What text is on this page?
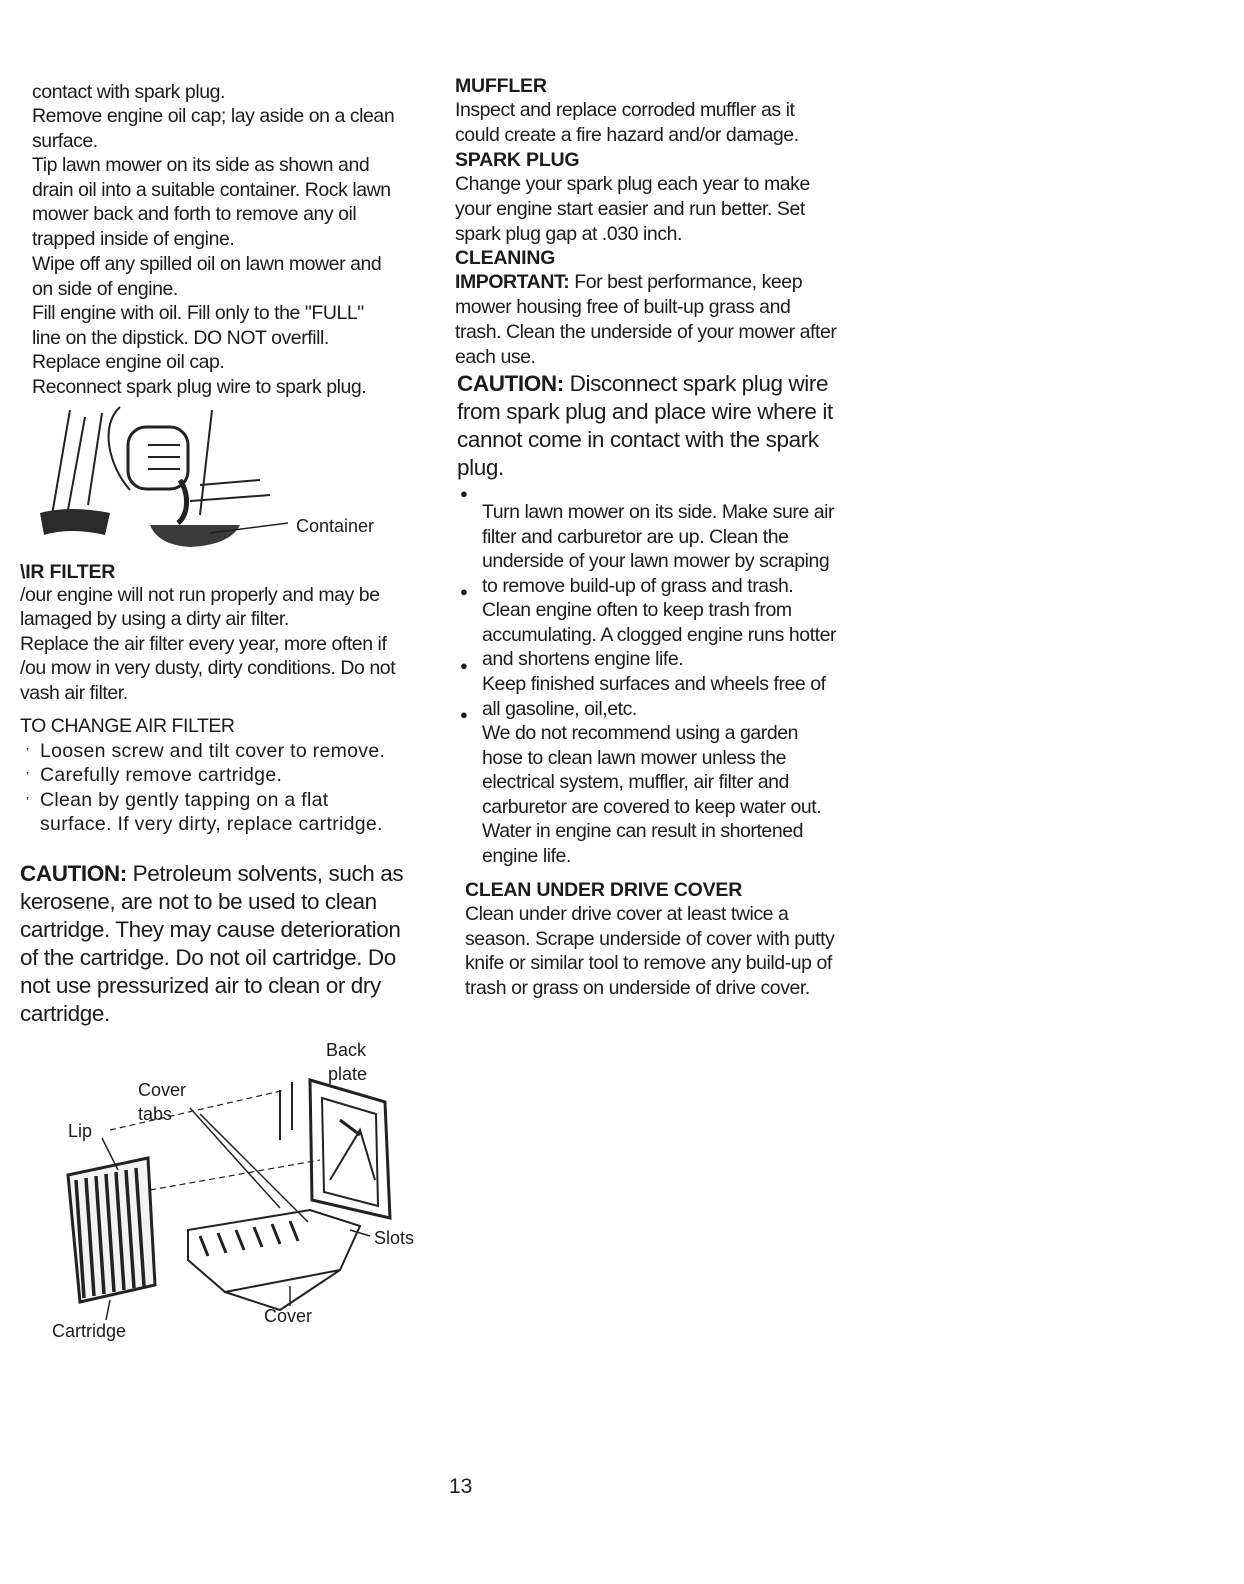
contact with spark plug.

Remove engine oil cap; lay aside on a clean

surface.

Tip lawn mower on its side as shown and

drain oil into a suitable container. Rock lawn

mower back and forth to remove any oil

trapped inside of engine.

Wipe off any spilled oil on lawn mower and

on side of engine.

Fill engine with oil. Fill only to the "FULL"

line on the dipstick. DO NOT overfill.

Replace engine oil cap.

Reconnect spark plug wire to spark plug.

Container
\IR FILTER

/our engine will not run properly and may be

lamaged by using a dirty air filter.

Replace the air filter every year, more often if

/ou mow in very dusty, dirty conditions. Do not

vash air filter.

TO CHANGE AIR FILTER
’ Loosen screw and tilt cover to remove.

’ Carefully remove cartridge.

’ Clean by gently tapping on a flat

surface. If very dirty, replace cartridge.

CAUTION: Petroleum solvents, such as

kerosene, are not to be used to clean

cartridge. They may cause deterioration

of the cartridge. Do not oil cartridge. Do

not use pressurized air to clean or dry

cartridge.

Back
plate
Cover
tabs
Lip
Slots
Cover
Cartridge
MUFFLER

Inspect and replace corroded muffler as it

could create a fire hazard and/or damage.

SPARK PLUG

Change your spark plug each year to make

your engine start easier and run better. Set

spark plug gap at .030 inch.

CLEANING

IMPORTANT: For best performance, keep

mower housing free of built-up grass and

trash. Clean the underside of your mower after

each use.

CAUTION: Disconnect spark plug wire

from spark plug and place wire where it

cannot come in contact with the spark

plug.

●

Turn lawn mower on its side. Make sure air

filter and carburetor are up. Clean the

underside of your lawn mower by scraping

to remove build-up of grass and trash.

●

Clean engine often to keep trash from

accumulating. A clogged engine runs hotter

and shortens engine life.

●

Keep finished surfaces and wheels free of

all gasoline, oil,etc.

●

We do not recommend using a garden

hose to clean lawn mower unless the

electrical system, muffler, air filter and

carburetor are covered to keep water out.

Water in engine can result in shortened

engine life.

CLEAN UNDER DRIVE COVER

Clean under drive cover at least twice a

season. Scrape underside of cover with putty

knife or similar tool to remove any build-up of

trash or grass on underside of drive cover.

13
